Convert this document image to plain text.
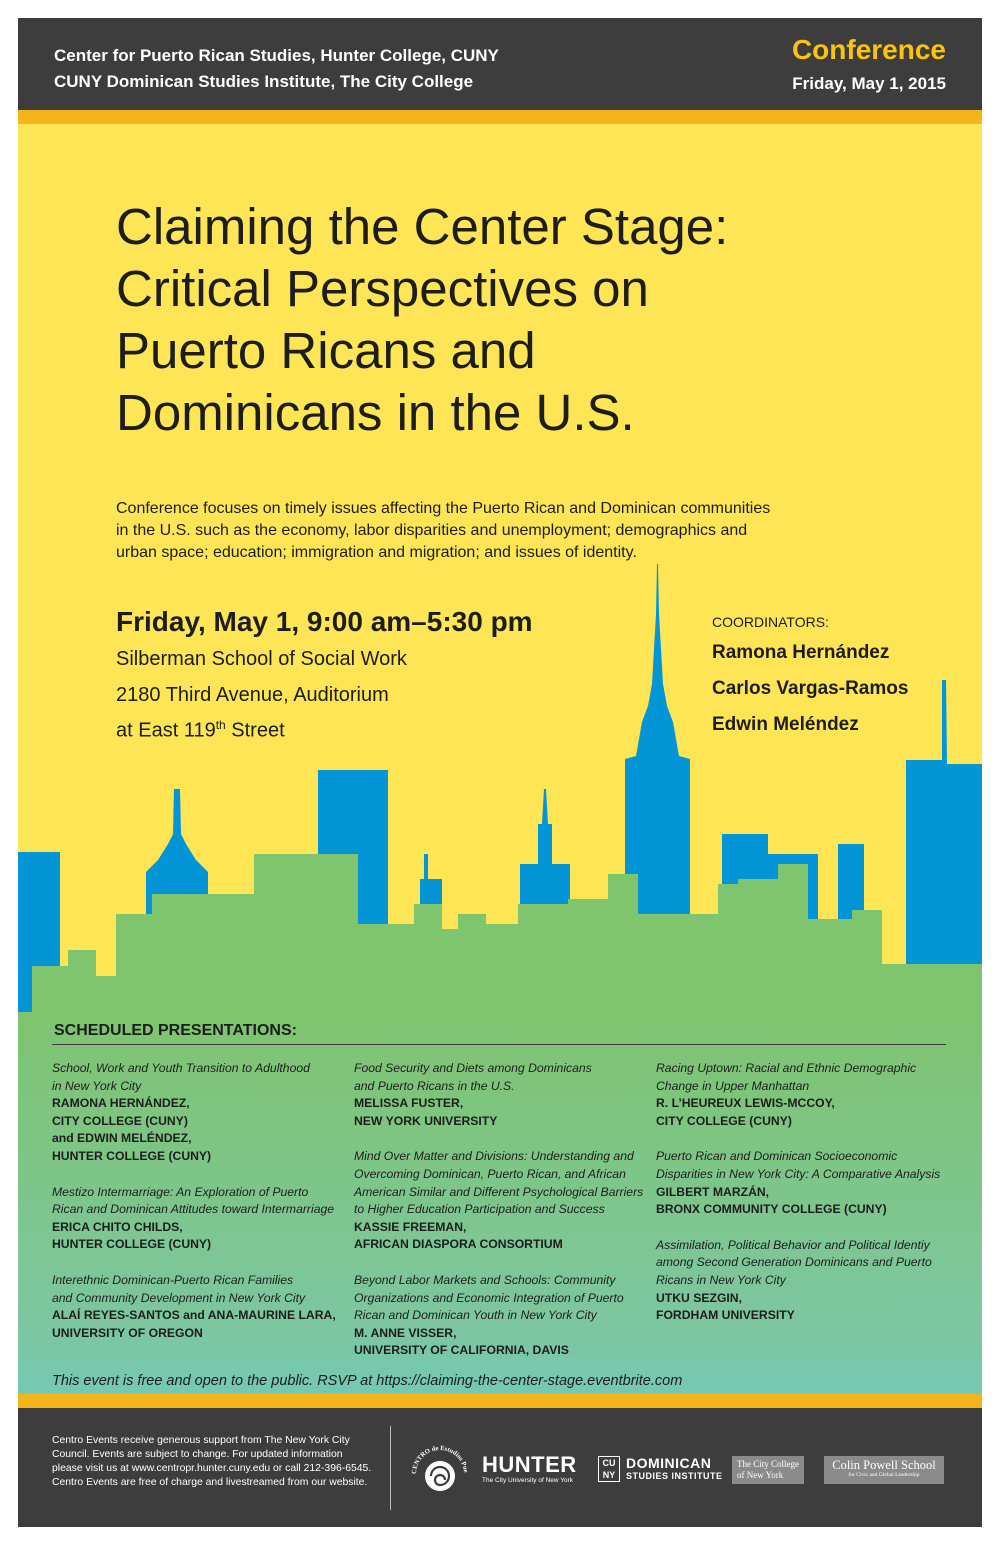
Center for Puerto Rican Studies, Hunter College, CUNY
CUNY Dominican Studies Institute, The City College
Conference
Friday, May 1, 2015
Claiming the Center Stage:
Critical Perspectives on
Puerto Ricans and
Dominicans in the U.S.
Conference focuses on timely issues affecting the Puerto Rican and Dominican communities
in the U.S. such as the economy, labor disparities and unemployment; demographics and
urban space; education; immigration and migration; and issues of identity.
Friday, May 1, 9:00 am–5:30 pm
Silberman School of Social Work
2180 Third Avenue, Auditorium
at East 119th Street
COORDINATORS:
Ramona Hernández
Carlos Vargas-Ramos
Edwin Meléndez
SCHEDULED PRESENTATIONS:
School, Work and Youth Transition to Adulthood
in New York City
RAMONA HERNÁNDEZ,
CITY COLLEGE (CUNY)
and EDWIN MELÉNDEZ,
HUNTER COLLEGE (CUNY)
Mestizo Intermarriage: An Exploration of Puerto
Rican and Dominican Attitudes toward Intermarriage
ERICA CHITO CHILDS,
HUNTER COLLEGE (CUNY)
Interethnic Dominican-Puerto Rican Families
and Community Development in New York City
ALAÍ REYES-SANTOS and ANA-MAURINE LARA,
UNIVERSITY OF OREGON
Food Security and Diets among Dominicans
and Puerto Ricans in the U.S.
MELISSA FUSTER,
NEW YORK UNIVERSITY
Mind Over Matter and Divisions: Understanding and
Overcoming Dominican, Puerto Rican, and African
American Similar and Different Psychological Barriers
to Higher Education Participation and Success
KASSIE FREEMAN,
AFRICAN DIASPORA CONSORTIUM
Beyond Labor Markets and Schools: Community
Organizations and Economic Integration of Puerto
Rican and Dominican Youth in New York City
M. ANNE VISSER,
UNIVERSITY OF CALIFORNIA, DAVIS
Racing Uptown: Racial and Ethnic Demographic
Change in Upper Manhattan
R. L’HEUREUX LEWIS-MCCOY,
CITY COLLEGE (CUNY)
Puerto Rican and Dominican Socioeconomic
Disparities in New York City: A Comparative Analysis
GILBERT MARZÁN,
BRONX COMMUNITY COLLEGE (CUNY)
Assimilation, Political Behavior and Political Identiy
among Second Generation Dominicans and Puerto
Ricans in New York City
UTKU SEZGIN,
FORDHAM UNIVERSITY
This event is free and open to the public. RSVP at https://claiming-the-center-stage.eventbrite.com
Centro Events receive generous support from The New York City
Council. Events are subject to change. For updated information
please visit us at www.centropr.hunter.cuny.edu or call 212-396-6545.
Centro Events are free of charge and livestreamed from our website.
CENTRO de Estudios Pue HUNTER
The City University of New York
CU
NY
DOMINICAN
STUDIES INSTITUTE
The City College
of New York
Colin Powell School
for Civic and Global Leadership
